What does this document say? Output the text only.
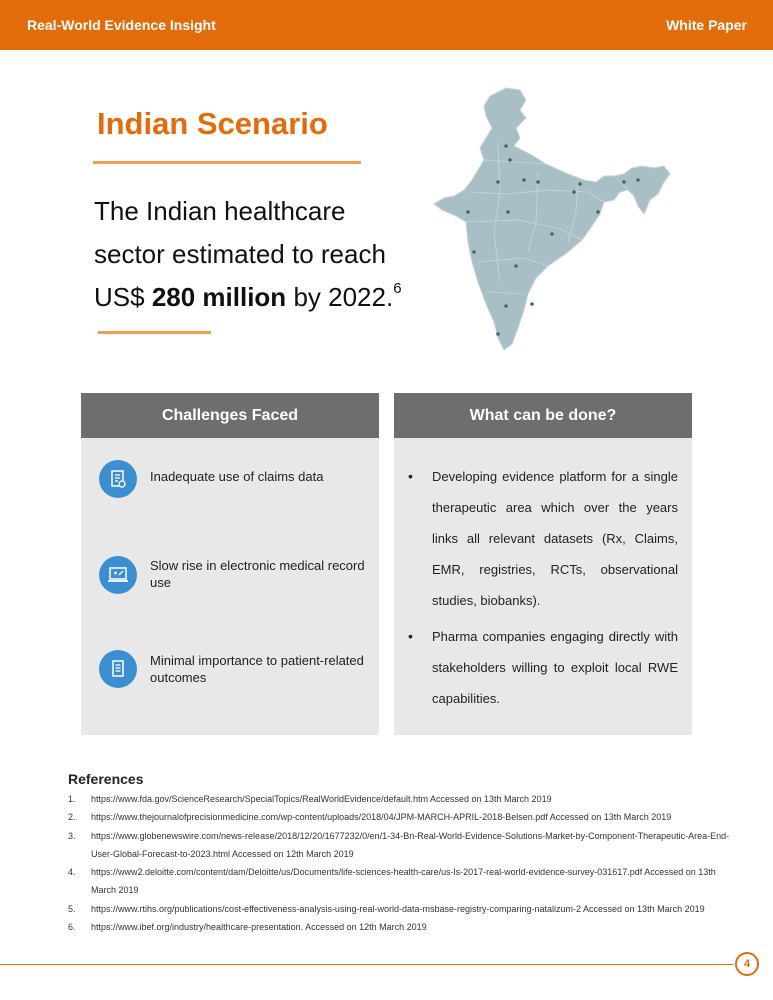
Real-World Evidence Insight	White Paper
Indian Scenario
The Indian healthcare
sector estimated to reach
US$ 280 million by 2022.$^6$
Challenges Faced
Inadequate use of claims data
Slow rise in electronic medical record use
Minimal importance to patient-related outcomes
What can be done?
•	Developing evidence platform for a single therapeutic area which over the years links all relevant datasets (Rx, Claims, EMR, registries, RCTs, observational studies, biobanks).
•	Pharma companies engaging directly with stakeholders willing to exploit local RWE capabilities.
References
1.	https://www.fda.gov/ScienceResearch/SpecialTopics/RealWorldEvidence/default.htm Accessed on 13th March 2019
2.	https://www.thejournalofprecisionmedicine.com/wp-content/uploads/2018/04/JPM-MARCH-APRIL-2018-Belsen.pdf Accessed on 13th March 2019
3.	https://www.globenewswire.com/news-release/2018/12/20/1677232/0/en/1-34-Bn-Real-World-Evidence-Solutions-Market-by-Component-Therapeutic-Area-End-User-Global-Forecast-to-2023.html Accessed on 12th March 2019
4.	https://www2.deloitte.com/content/dam/Deloitte/us/Documents/life-sciences-health-care/us-ls-2017-real-world-evidence-survey-031617.pdf Accessed on 13th March 2019
5.	https://www.rtihs.org/publications/cost-effectiveness-analysis-using-real-world-data-msbase-registry-comparing-natalizum-2 Accessed on 13th March 2019
6.	https://www.ibef.org/industry/healthcare-presentation. Accessed on 12th March 2019
4
